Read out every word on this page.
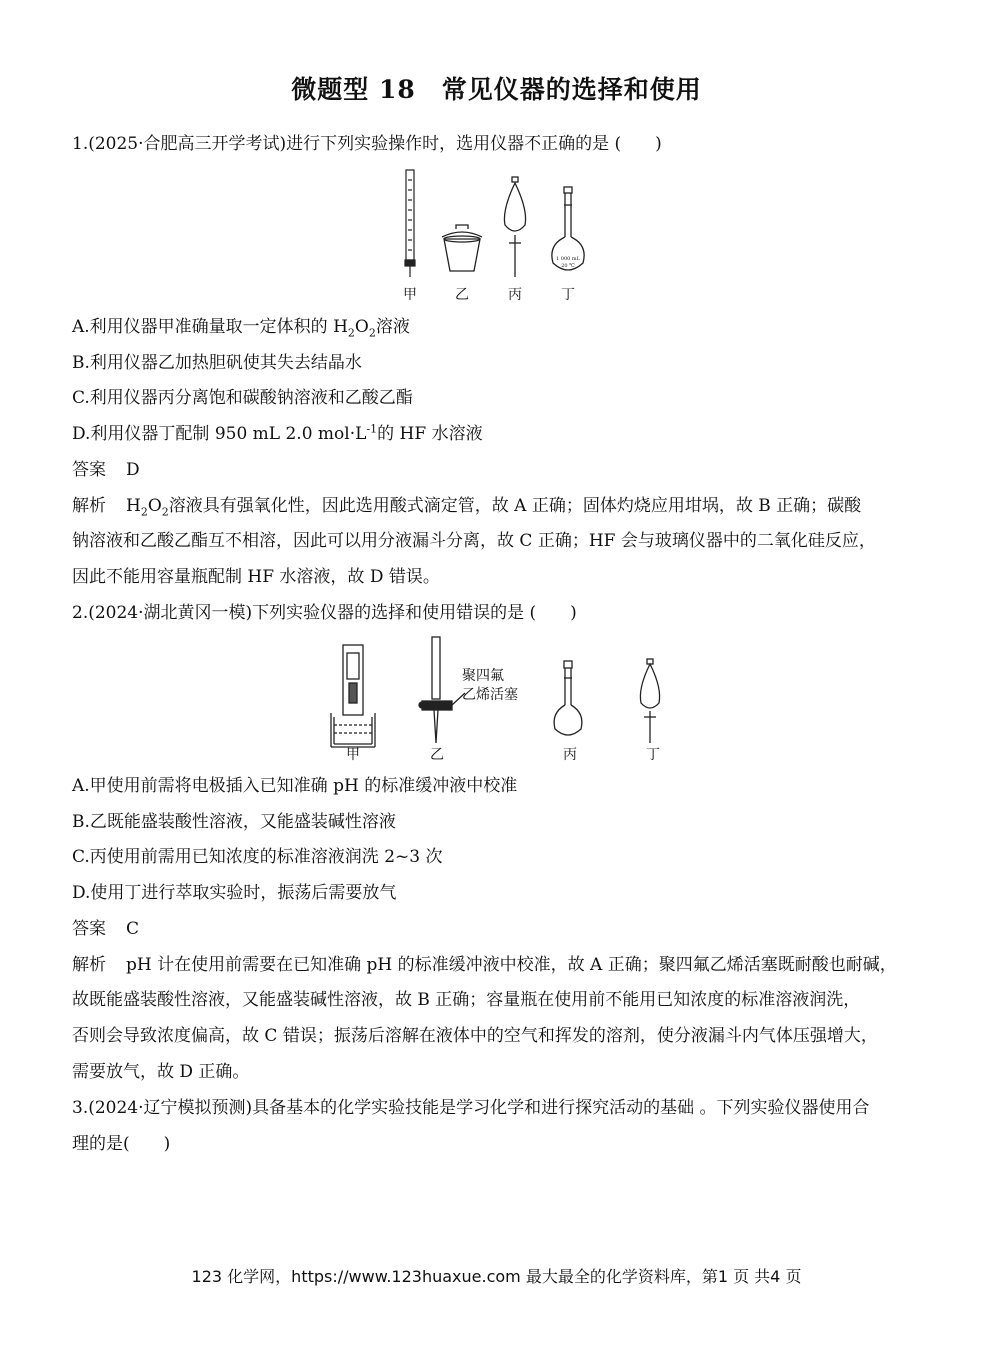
微题型 18　常见仪器的选择和使用
1.(2025·合肥高三开学考试)进行下列实验操作时，选用仪器不正确的是 (　　)
1 000 mL
20 ℃
甲	乙	丙	丁
A.利用仪器甲准确量取一定体积的 $H_2O_2$溶液
B.利用仪器乙加热胆矾使其失去结晶水
C.利用仪器丙分离饱和碳酸钠溶液和乙酸乙酯
D.利用仪器丁配制 950 mL 2.0 $mol\cdot L^{-1}$的 HF 水溶液
答案 D
解析 $H_2O_2$溶液具有强氧化性，因此选用酸式滴定管，故 A 正确；固体灼烧应用坩埚，故 B 正确；碳酸
钠溶液和乙酸乙酯互不相溶，因此可以用分液漏斗分离，故 C 正确；HF 会与玻璃仪器中的二氧化硅反应，
因此不能用容量瓶配制 HF 水溶液，故 D 错误。
2.(2024·湖北黄冈一模)下列实验仪器的选择和使用错误的是 (　　)
聚四氟
乙烯活塞
甲	乙	丙	丁
A.甲使用前需将电极插入已知准确 pH 的标准缓冲液中校准
B.乙既能盛装酸性溶液，又能盛装碱性溶液
C.丙使用前需用已知浓度的标准溶液润洗 2~3 次
D.使用丁进行萃取实验时，振荡后需要放气
答案 C
解析 pH 计在使用前需要在已知准确 pH 的标准缓冲液中校准，故 A 正确；聚四氟乙烯活塞既耐酸也耐碱，
故既能盛装酸性溶液，又能盛装碱性溶液，故 B 正确；容量瓶在使用前不能用已知浓度的标准溶液润洗，
否则会导致浓度偏高，故 C 错误；振荡后溶解在液体中的空气和挥发的溶剂，使分液漏斗内气体压强增大，
需要放气，故 D 正确。
3.(2024·辽宁模拟预测)具备基本的化学实验技能是学习化学和进行探究活动的基础 。下列实验仪器使用合
理的是(　　)
123 化学网，https://www.123huaxue.com 最大最全的化学资料库，第1 页 共4 页
